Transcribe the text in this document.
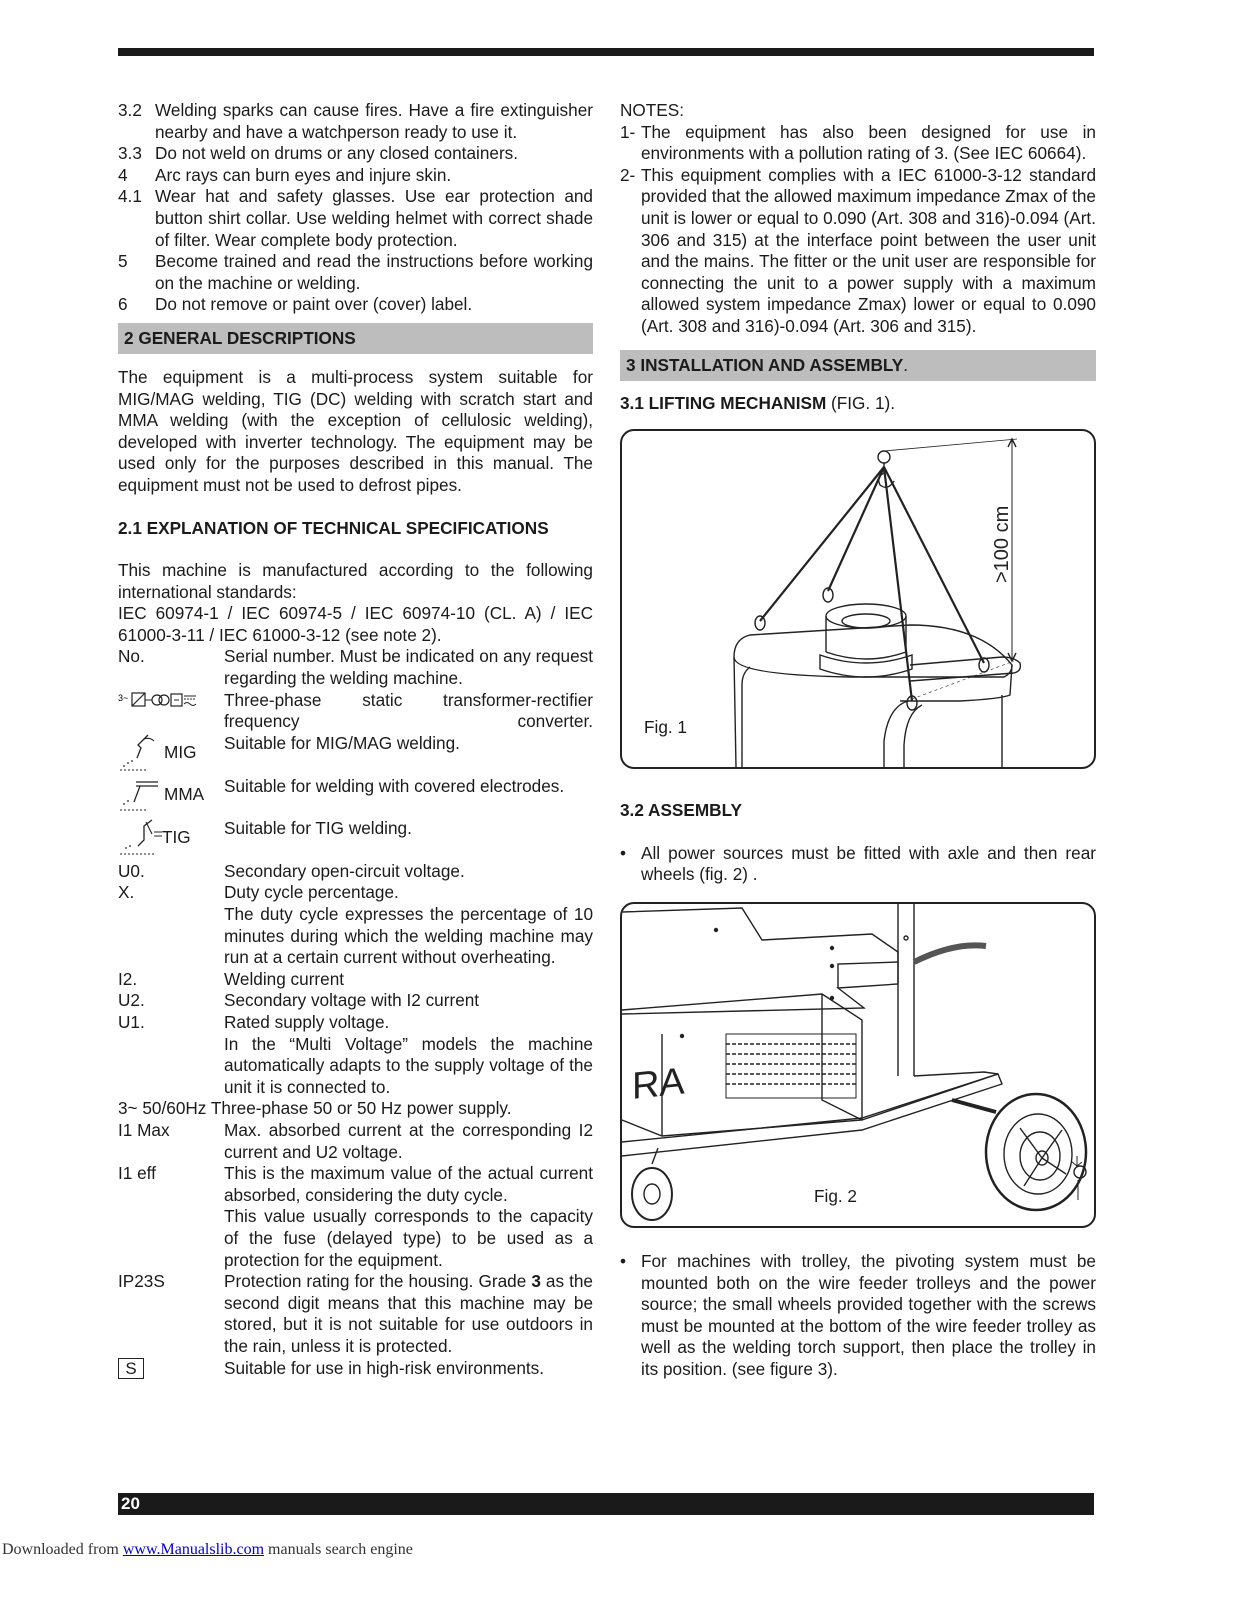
3.2 Welding sparks can cause fires. Have a fire extinguisher nearby and have a watchperson ready to use it.
3.3 Do not weld on drums or any closed containers.
4	Arc rays can burn eyes and injure skin.
4.1 Wear hat and safety glasses. Use ear protection and button shirt collar. Use welding helmet with correct shade of filter. Wear complete body protection.
5	Become trained and read the instructions before working on the machine or welding.
6	Do not remove or paint over (cover) label.
2 GENERAL DESCRIPTIONS
The equipment is a multi-process system suitable for MIG/MAG welding, TIG (DC) welding with scratch start and MMA welding (with the exception of cellulosic welding), developed with inverter technology. The equipment may be used only for the purposes described in this manual. The equipment must not be used to defrost pipes.
2.1 EXPLANATION OF TECHNICAL SPECIFICATIONS
This machine is manufactured according to the following international standards:
IEC 60974-1 / IEC 60974-5 / IEC 60974-10 (CL. A) / IEC 61000-3-11 / IEC 61000-3-12 (see note 2).
No.	Serial number. Must be indicated on any request regarding the welding machine.
3~	Three-phase static transformer-rectifier frequency converter.
MIG Suitable for MIG/MAG welding.
MMA Suitable for welding with covered electrodes.
TIG Suitable for TIG welding.
U0.	Secondary open-circuit voltage.
X.	Duty cycle percentage.
The duty cycle expresses the percentage of 10 minutes during which the welding machine may run at a certain current without overheating.
I2.	Welding current
U2.	Secondary voltage with I2 current
U1.	Rated supply voltage.
In the “Multi Voltage” models the machine automatically adapts to the supply voltage of the unit it is connected to.
3~ 50/60Hz Three-phase 50 or 50 Hz power supply.
I1 Max	Max. absorbed current at the corresponding I2 current and U2 voltage.
I1 eff	This is the maximum value of the actual current absorbed, considering the duty cycle.
This value usually corresponds to the capacity of the fuse (delayed type) to be used as a protection for the equipment.
IP23S	Protection rating for the housing. Grade 3 as the second digit means that this machine may be stored, but it is not suitable for use outdoors in the rain, unless it is protected.
S	Suitable for use in high-risk environments.
NOTES:
1- The equipment has also been designed for use in environments with a pollution rating of 3. (See IEC 60664).
2- This equipment complies with a IEC 61000-3-12 standard provided that the allowed maximum impedance Zmax of the unit is lower or equal to 0.090 (Art. 308 and 316)-0.094 (Art. 306 and 315) at the interface point between the user unit and the mains. The fitter or the unit user are responsible for connecting the unit to a power supply with a maximum allowed system impedance Zmax) lower or equal to 0.090 (Art. 308 and 316)-0.094 (Art. 306 and 315).
3 INSTALLATION AND ASSEMBLY.
3.1 LIFTING MECHANISM (FIG. 1).
>100 cm
Fig. 1
3.2 ASSEMBLY
• All power sources must be fitted with axle and then rear wheels (fig. 2) .
RA
Fig. 2
• For machines with trolley, the pivoting system must be mounted both on the wire feeder trolleys and the power source; the small wheels provided together with the screws must be mounted at the bottom of the wire feeder trolley as well as the welding torch support, then place the trolley in its position. (see figure 3).
20
Downloaded from www.Manualslib.com manuals search engine
